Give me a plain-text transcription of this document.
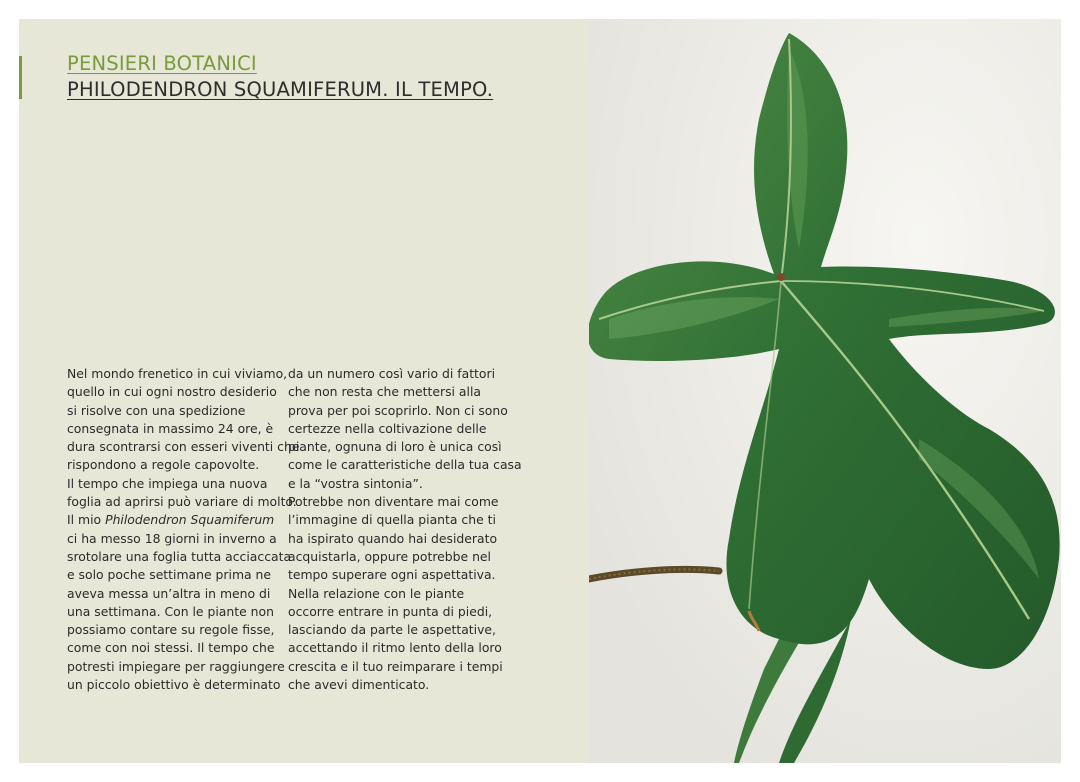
PENSIERI BOTANICI
PHILODENDRON SQUAMIFERUM. IL TEMPO.
Nel mondo frenetico in cui viviamo,
quello in cui ogni nostro desiderio
si risolve con una spedizione
consegnata in massimo 24 ore, è
dura scontrarsi con esseri viventi che
rispondono a regole capovolte.
Il tempo che impiega una nuova
foglia ad aprirsi può variare di molto.
Il mio Philodendron Squamiferum
ci ha messo 18 giorni in inverno a
srotolare una foglia tutta acciaccata
e solo poche settimane prima ne
aveva messa un’altra in meno di
una settimana. Con le piante non
possiamo contare su regole fisse,
come con noi stessi. Il tempo che
potresti impiegare per raggiungere
un piccolo obiettivo è determinato
da un numero così vario di fattori
che non resta che mettersi alla
prova per poi scoprirlo. Non ci sono
certezze nella coltivazione delle
piante, ognuna di loro è unica così
come le caratteristiche della tua casa
e la “vostra sintonia”.
Potrebbe non diventare mai come
l’immagine di quella pianta che ti
ha ispirato quando hai desiderato
acquistarla, oppure potrebbe nel
tempo superare ogni aspettativa.
Nella relazione con le piante
occorre entrare in punta di piedi,
lasciando da parte le aspettative,
accettando il ritmo lento della loro
crescita e il tuo reimparare i tempi
che avevi dimenticato.
